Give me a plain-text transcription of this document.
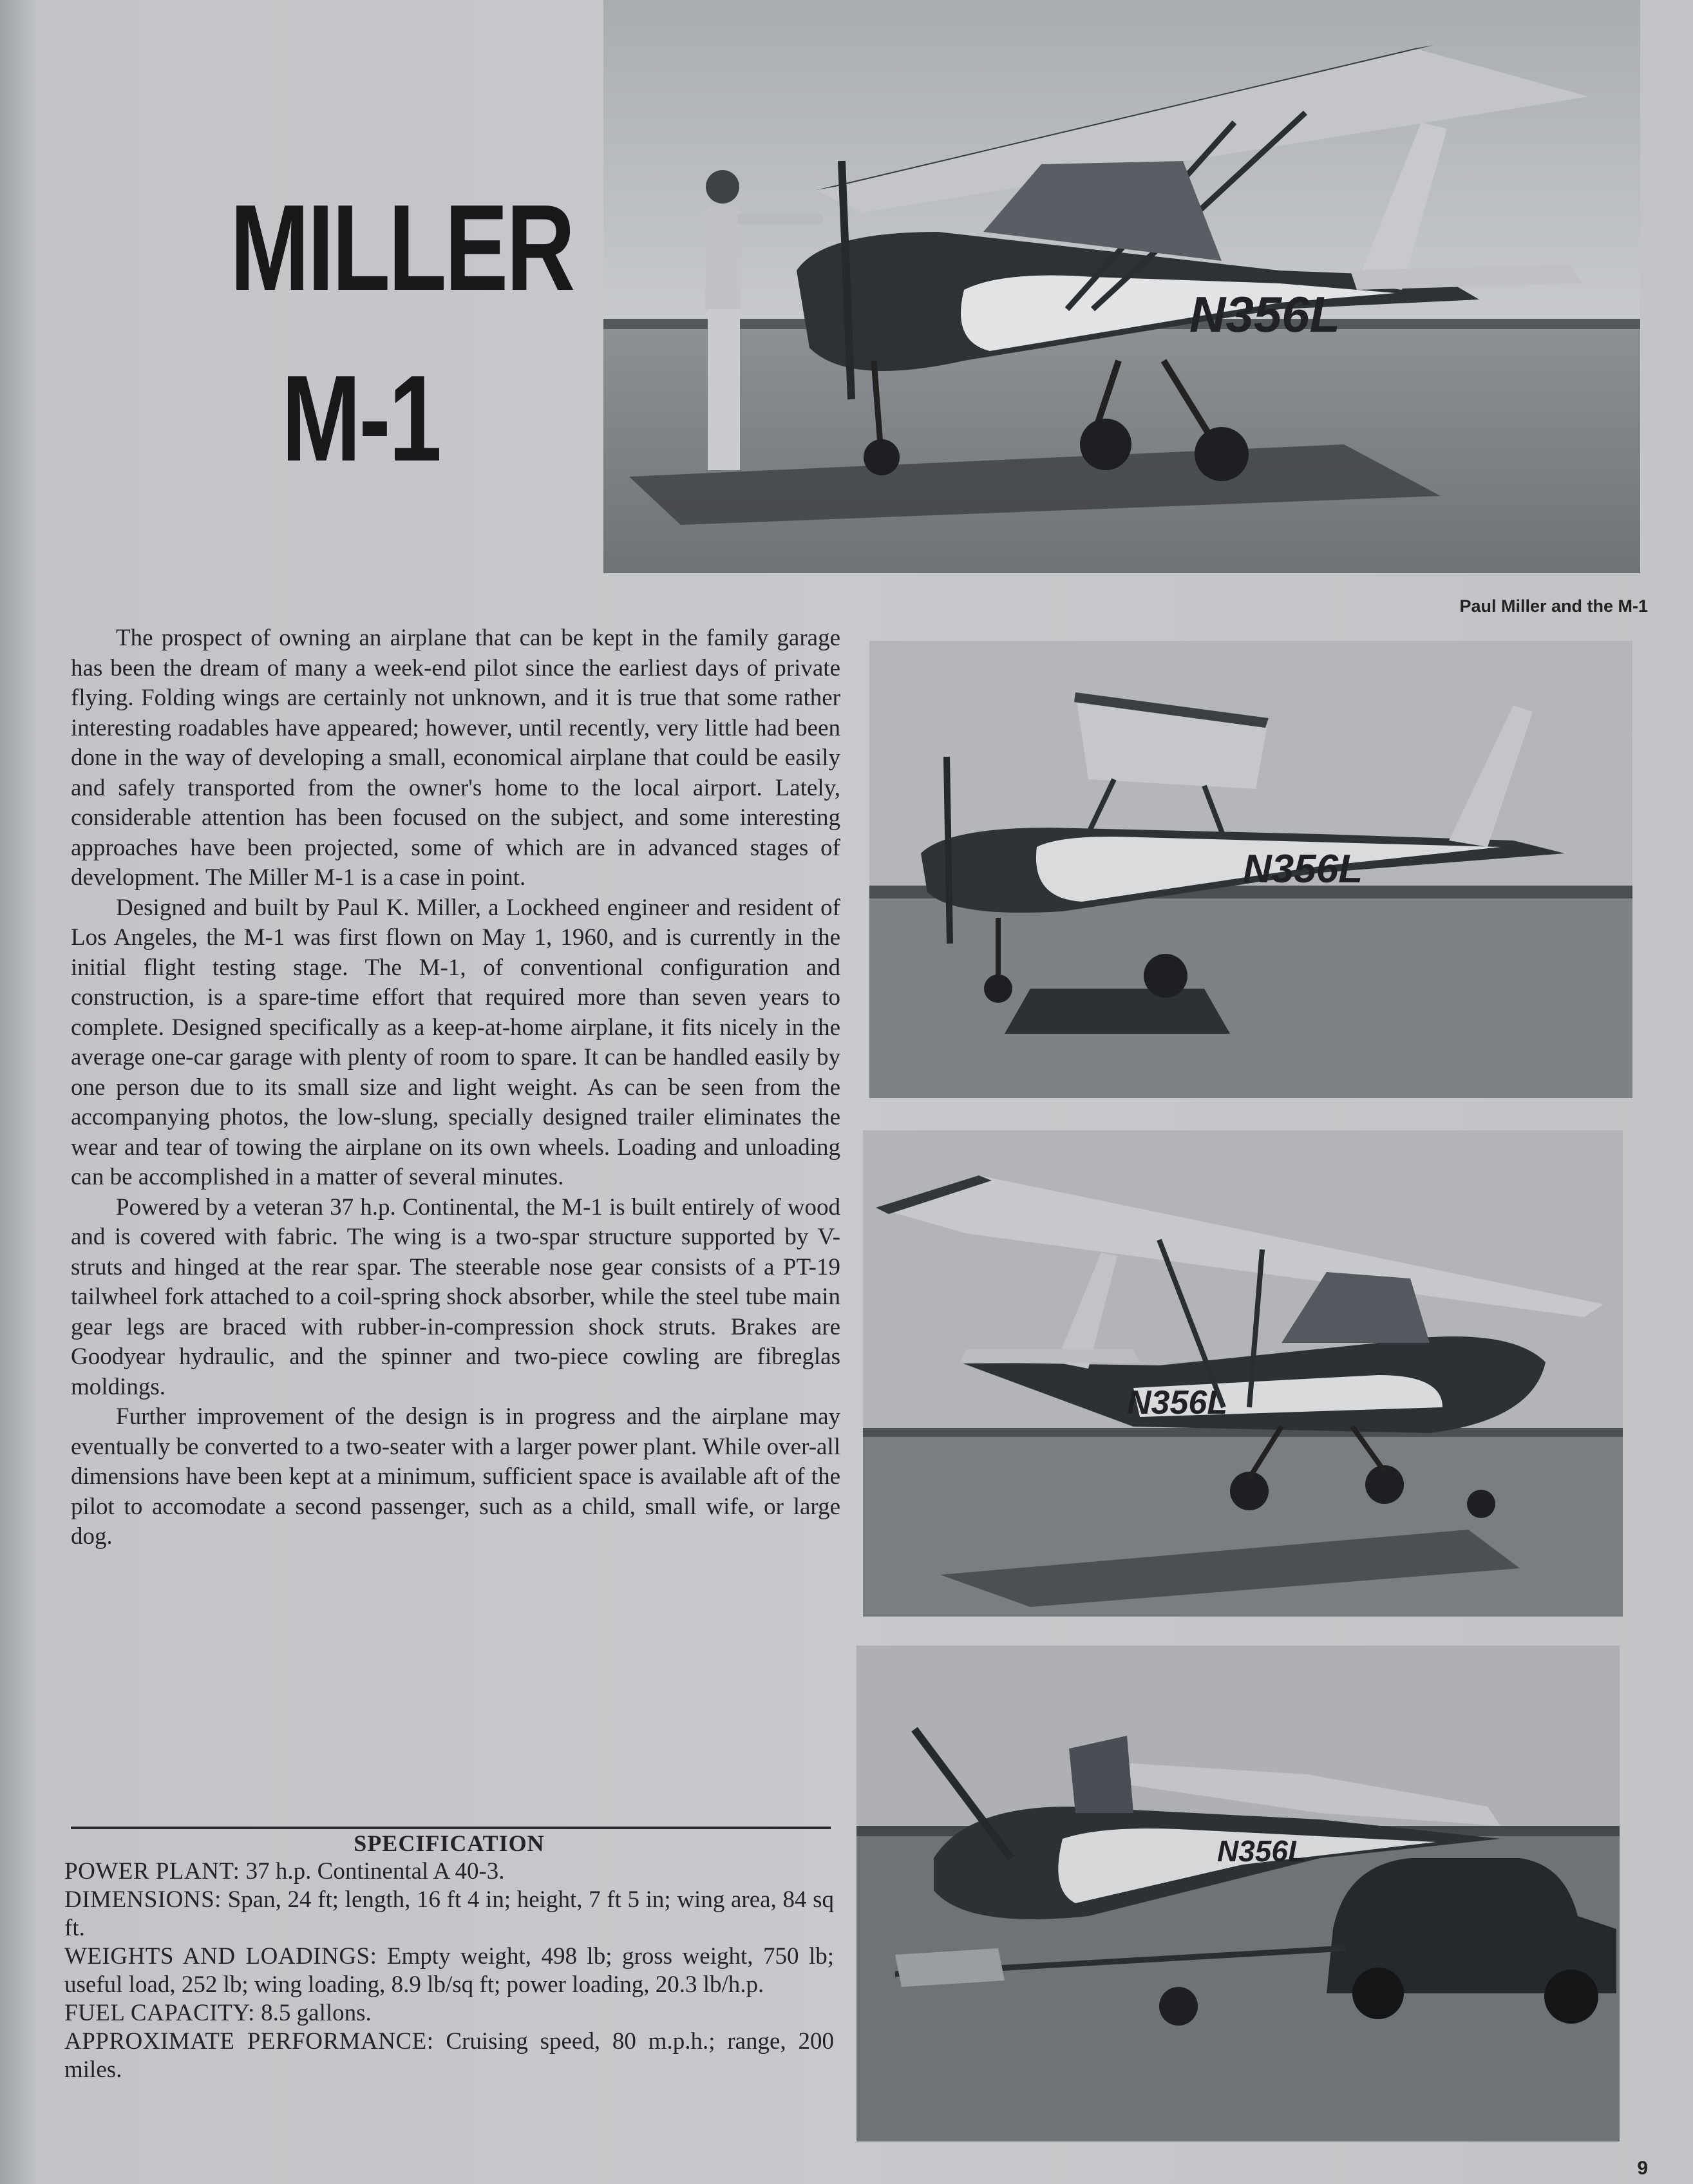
MILLER
M-1
N356L
Paul Miller and the M-1
N356L
N356L
N356L

The prospect of owning an airplane that can be kept in the family garage has been the dream of many a week-end pilot since the earliest days of private flying. Folding wings are certainly not unknown, and it is true that some rather interesting roadables have appeared; however, until recently, very little had been done in the way of developing a small, economical airplane that could be easily and safely transported from the owner's home to the local airport. Lately, considerable attention has been focused on the subject, and some interesting approaches have been projected, some of which are in advanced stages of development. The Miller M-1 is a case in point.

Designed and built by Paul K. Miller, a Lockheed engineer and resident of Los Angeles, the M-1 was first flown on May 1, 1960, and is currently in the initial flight testing stage. The M-1, of conventional configuration and construction, is a spare-time effort that required more than seven years to complete. Designed specifically as a keep-at-home airplane, it fits nicely in the average one-car garage with plenty of room to spare. It can be handled easily by one person due to its small size and light weight. As can be seen from the accompanying photos, the low-slung, specially designed trailer eliminates the wear and tear of towing the airplane on its own wheels. Loading and unloading can be accomplished in a matter of several minutes.

Powered by a veteran 37 h.p. Continental, the M-1 is built entirely of wood and is covered with fabric. The wing is a two-spar structure supported by V-struts and hinged at the rear spar. The steerable nose gear consists of a PT-19 tailwheel fork attached to a coil-spring shock absorber, while the steel tube main gear legs are braced with rubber-in-compression shock struts. Brakes are Goodyear hydraulic, and the spinner and two-piece cowling are fibreglas moldings.

Further improvement of the design is in progress and the airplane may eventually be converted to a two-seater with a larger power plant. While over-all dimensions have been kept at a minimum, sufficient space is available aft of the pilot to accomodate a second passenger, such as a child, small wife, or large dog.

SPECIFICATION
POWER PLANT: 37 h.p. Continental A 40-3.
DIMENSIONS: Span, 24 ft; length, 16 ft 4 in; height, 7 ft 5 in; wing area, 84 sq ft.
WEIGHTS AND LOADINGS: Empty weight, 498 lb; gross weight, 750 lb; useful load, 252 lb; wing loading, 8.9 lb/sq ft; power loading, 20.3 lb/h.p.
FUEL CAPACITY: 8.5 gallons.
APPROXIMATE PERFORMANCE: Cruising speed, 80 m.p.h.; range, 200 miles.
9
